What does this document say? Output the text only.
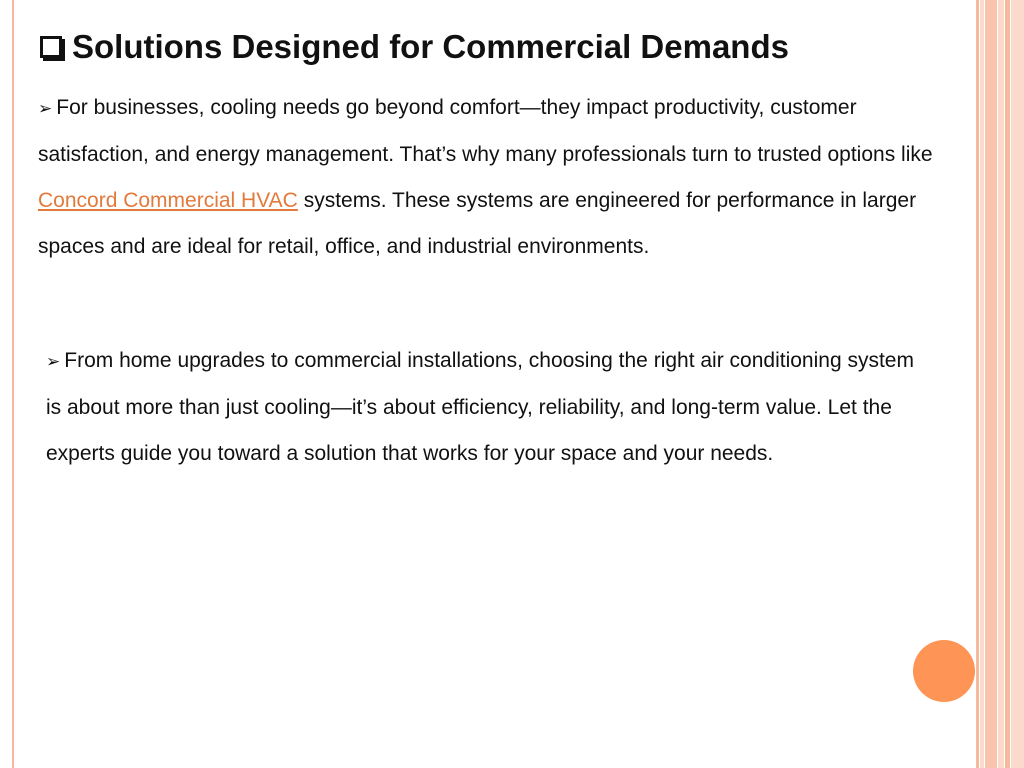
Solutions Designed for Commercial Demands
➢ For businesses, cooling needs go beyond comfort—they impact productivity, customer satisfaction, and energy management. That’s why many professionals turn to trusted options like Concord Commercial HVAC systems. These systems are engineered for performance in larger spaces and are ideal for retail, office, and industrial environments.
➢ From home upgrades to commercial installations, choosing the right air conditioning system is about more than just cooling—it’s about efficiency, reliability, and long-term value. Let the experts guide you toward a solution that works for your space and your needs.
